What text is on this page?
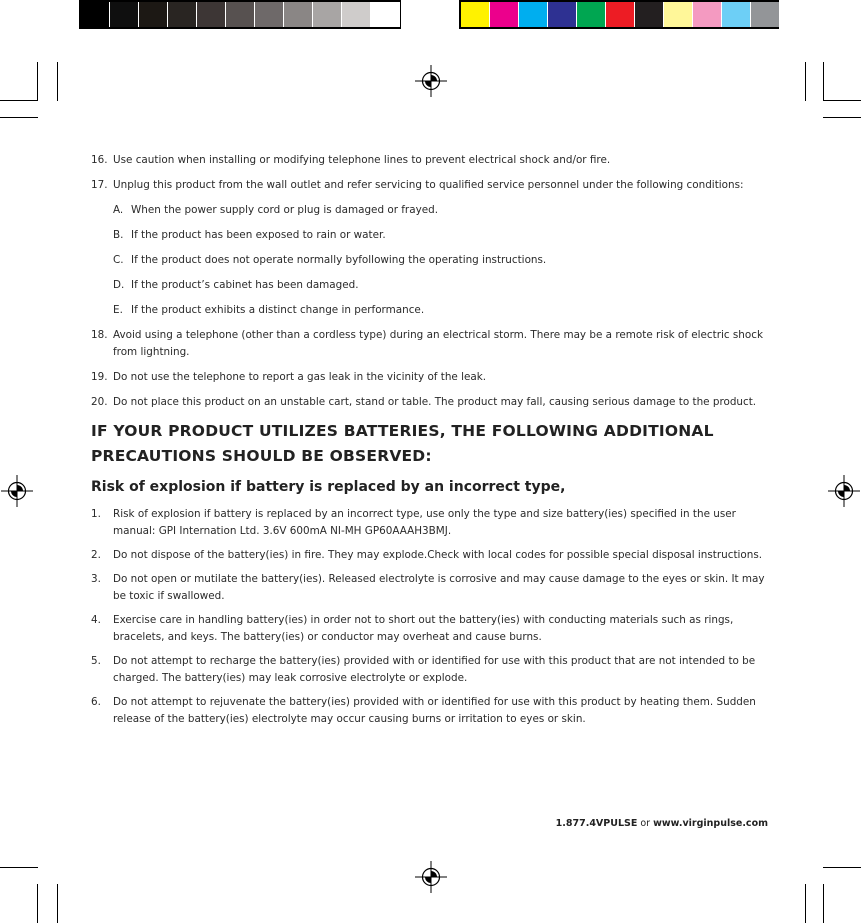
16. Use caution when installing or modifying telephone lines to prevent electrical shock and/or fire.
17. Unplug this product from the wall outlet and refer servicing to qualified service personnel under the following conditions:
A. When the power supply cord or plug is damaged or frayed.
B. If the product has been exposed to rain or water.
C. If the product does not operate normally byfollowing the operating instructions.
D. If the product’s cabinet has been damaged.
E. If the product exhibits a distinct change in performance.
18. Avoid using a telephone (other than a cordless type) during an electrical storm. There may be a remote risk of electric shock from lightning.
19. Do not use the telephone to report a gas leak in the vicinity of the leak.
20. Do not place this product on an unstable cart, stand or table. The product may fall, causing serious damage to the product.
IF YOUR PRODUCT UTILIZES BATTERIES, THE FOLLOWING ADDITIONAL PRECAUTIONS SHOULD BE OBSERVED:
Risk of explosion if battery is replaced by an incorrect type,
1. Risk of explosion if battery is replaced by an incorrect type, use only the type and size battery(ies) specified in the user manual: GPI Internation Ltd. 3.6V 600mA NI-MH GP60AAAH3BMJ.
2. Do not dispose of the battery(ies) in fire. They may explode.Check with local codes for possible special disposal instructions.
3. Do not open or mutilate the battery(ies). Released electrolyte is corrosive and may cause damage to the eyes or skin. It may be toxic if swallowed.
4. Exercise care in handling battery(ies) in order not to short out the battery(ies) with conducting materials such as rings, bracelets, and keys. The battery(ies) or conductor may overheat and cause burns.
5. Do not attempt to recharge the battery(ies) provided with or identified for use with this product that are not intended to be charged. The battery(ies) may leak corrosive electrolyte or explode.
6. Do not attempt to rejuvenate the battery(ies) provided with or identified for use with this product by heating them. Sudden release of the battery(ies) electrolyte may occur causing burns or irritation to eyes or skin.
1.877.4VPULSE or www.virginpulse.com
